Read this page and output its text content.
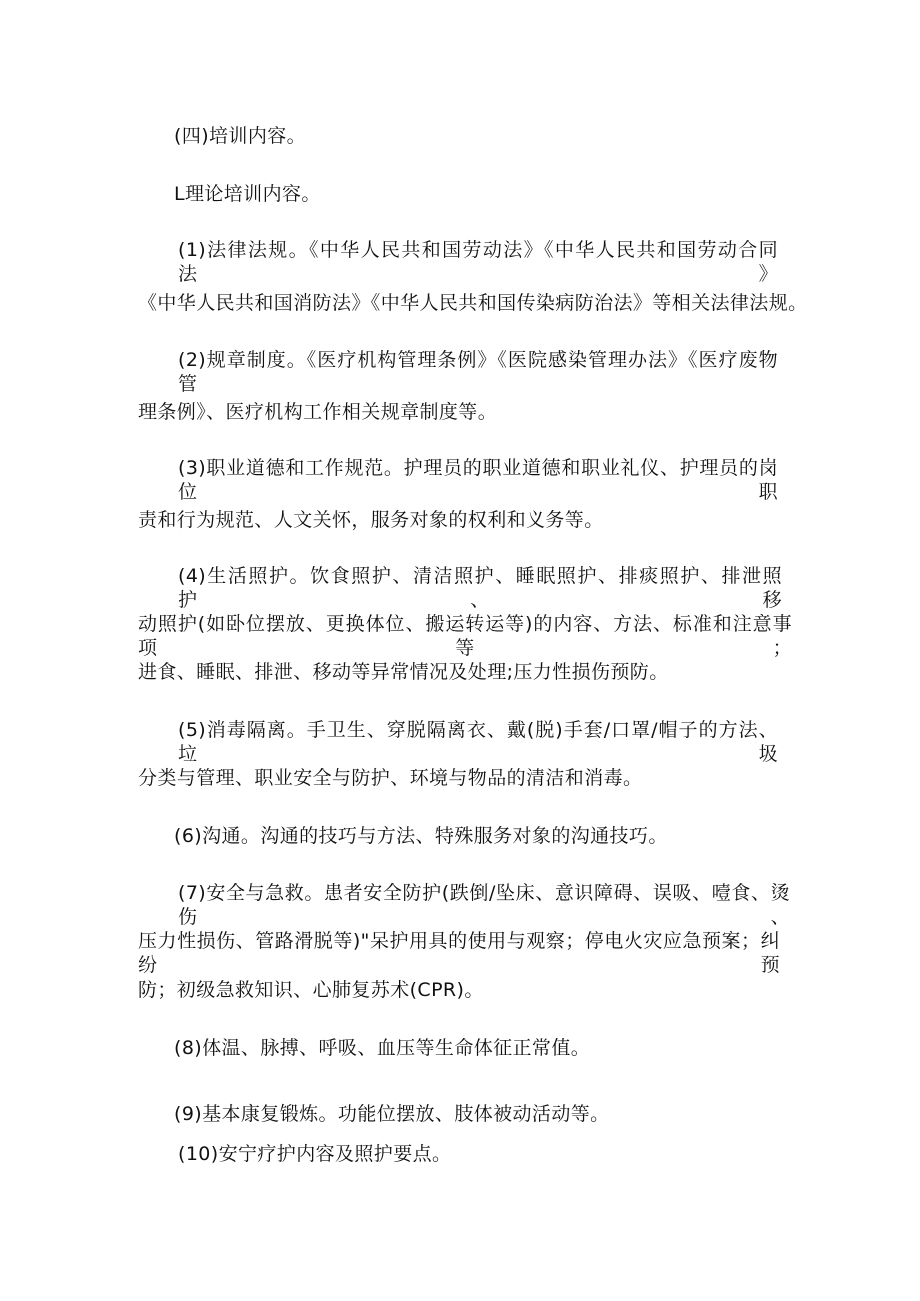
(四)培训内容。
L理论培训内容。
(1)法律法规。《中华人民共和国劳动法》《中华人民共和国劳动合同法》
《中华人民共和国消防法》《中华人民共和国传染病防治法》等相关法律法规。
(2)规章制度。《医疗机构管理条例》《医院感染管理办法》《医疗废物管
理条例》、医疗机构工作相关规章制度等。
(3)职业道德和工作规范。护理员的职业道德和职业礼仪、护理员的岗位职
责和行为规范、人文关怀，服务对象的权利和义务等。
(4)生活照护。饮食照护、清洁照护、睡眠照护、排痰照护、排泄照护、移
动照护(如卧位摆放、更换体位、搬运转运等)的内容、方法、标准和注意事项等；
进食、睡眠、排泄、移动等异常情况及处理;压力性损伤预防。
(5)消毒隔离。手卫生、穿脱隔离衣、戴(脱)手套/口罩/帽子的方法、垃圾
分类与管理、职业安全与防护、环境与物品的清洁和消毒。
(6)沟通。沟通的技巧与方法、特殊服务对象的沟通技巧。
(7)安全与急救。患者安全防护(跌倒/坠床、意识障碍、误吸、噎食、烫伤、
压力性损伤、管路滑脱等)"呆护用具的使用与观察；停电火灾应急预案；纠纷预
防；初级急救知识、心肺复苏术(CPR)。
(8)体温、脉搏、呼吸、血压等生命体征正常值。
(9)基本康复锻炼。功能位摆放、肢体被动活动等。
(10)安宁疗护内容及照护要点。
